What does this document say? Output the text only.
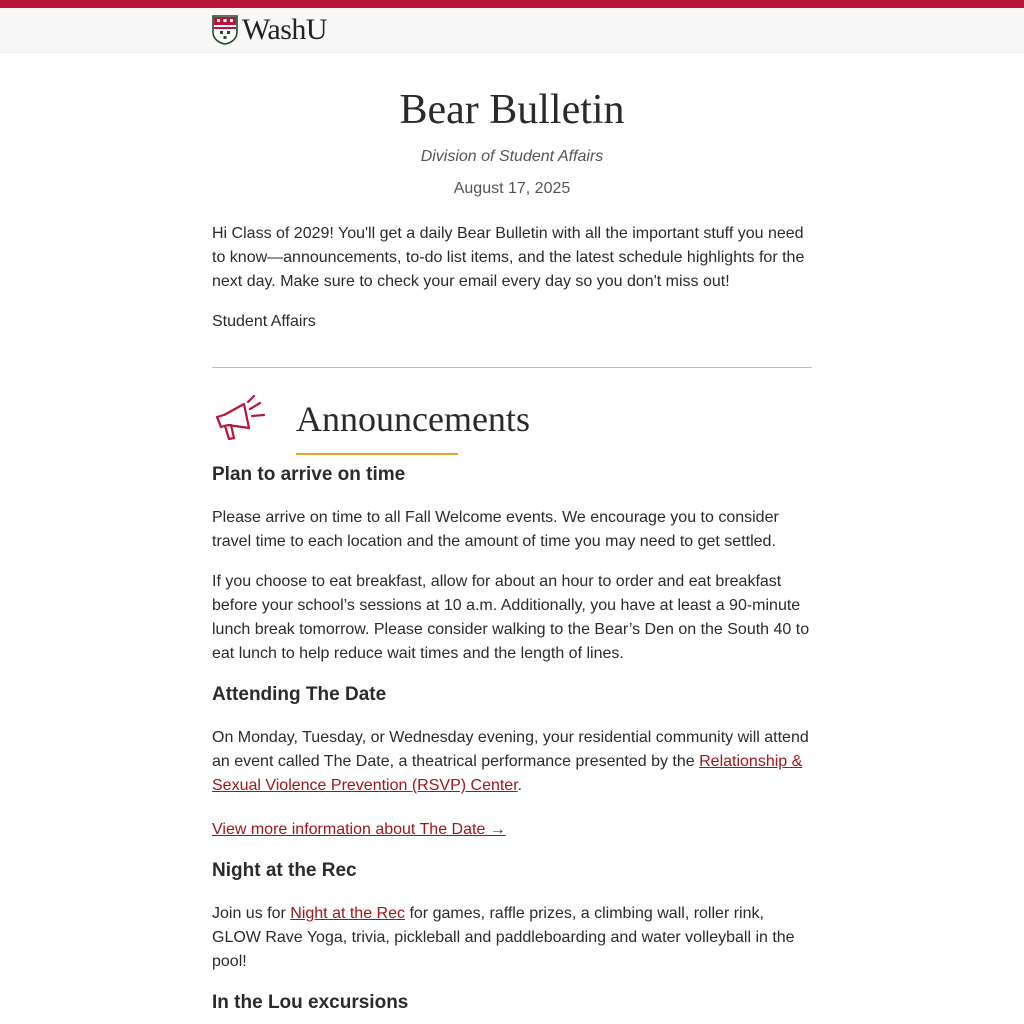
WashU
Bear Bulletin
Division of Student Affairs
August 17, 2025

Hi Class of 2029! You'll get a daily Bear Bulletin with all the important stuff you need to know—announcements, to-do list items, and the latest schedule highlights for the next day. Make sure to check your email every day so you don't miss out!

Student Affairs

Announcements
Plan to arrive on time

Please arrive on time to all Fall Welcome events. We encourage you to consider travel time to each location and the amount of time you may need to get settled.

If you choose to eat breakfast, allow for about an hour to order and eat breakfast before your school’s sessions at 10 a.m. Additionally, you have at least a 90-minute lunch break tomorrow. Please consider walking to the Bear’s Den on the South 40 to eat lunch to help reduce wait times and the length of lines.

Attending The Date

On Monday, Tuesday, or Wednesday evening, your residential community will attend an event called The Date, a theatrical performance presented by the Relationship & Sexual Violence Prevention (RSVP) Center.

View more information about The Date →
Night at the Rec

Join us for Night at the Rec for games, raffle prizes, a climbing wall, roller rink, GLOW Rave Yoga, trivia, pickleball and paddleboarding and water volleyball in the pool!

In the Lou excursions
